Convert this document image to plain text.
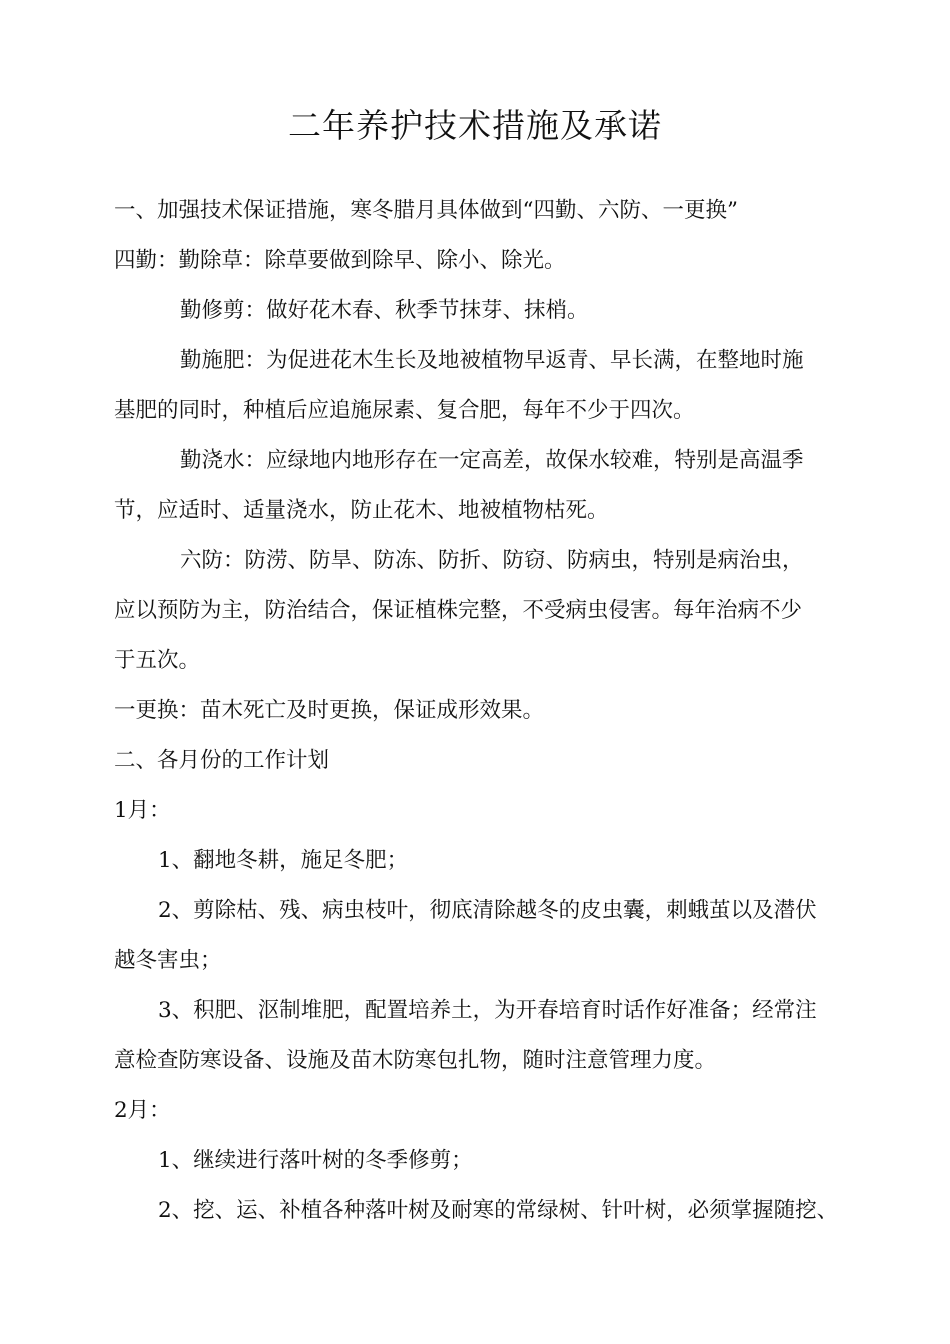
二年养护技术措施及承诺
一、加强技术保证措施，寒冬腊月具体做到“四勤、六防、一更换”
四勤：勤除草：除草要做到除早、除小、除光。
勤修剪：做好花木春、秋季节抹芽、抹梢。
勤施肥：为促进花木生长及地被植物早返青、早长满，在整地时施
基肥的同时，种植后应追施尿素、复合肥，每年不少于四次。
勤浇水：应绿地内地形存在一定高差，故保水较难，特别是高温季
节，应适时、适量浇水，防止花木、地被植物枯死。
六防：防涝、防旱、防冻、防折、防窃、防病虫，特别是病治虫，
应以预防为主，防治结合，保证植株完整，不受病虫侵害。每年治病不少
于五次。
一更换：苗木死亡及时更换，保证成形效果。
二、各月份的工作计划
1月：
1、翻地冬耕，施足冬肥；
2、剪除枯、残、病虫枝叶，彻底清除越冬的皮虫囊，刺蛾茧以及潜伏
越冬害虫；
3、积肥、沤制堆肥，配置培养土，为开春培育时话作好准备；经常注
意检查防寒设备、设施及苗木防寒包扎物，随时注意管理力度。
2月：
1、继续进行落叶树的冬季修剪；
2、挖、运、补植各种落叶树及耐寒的常绿树、针叶树，必须掌握随挖、
